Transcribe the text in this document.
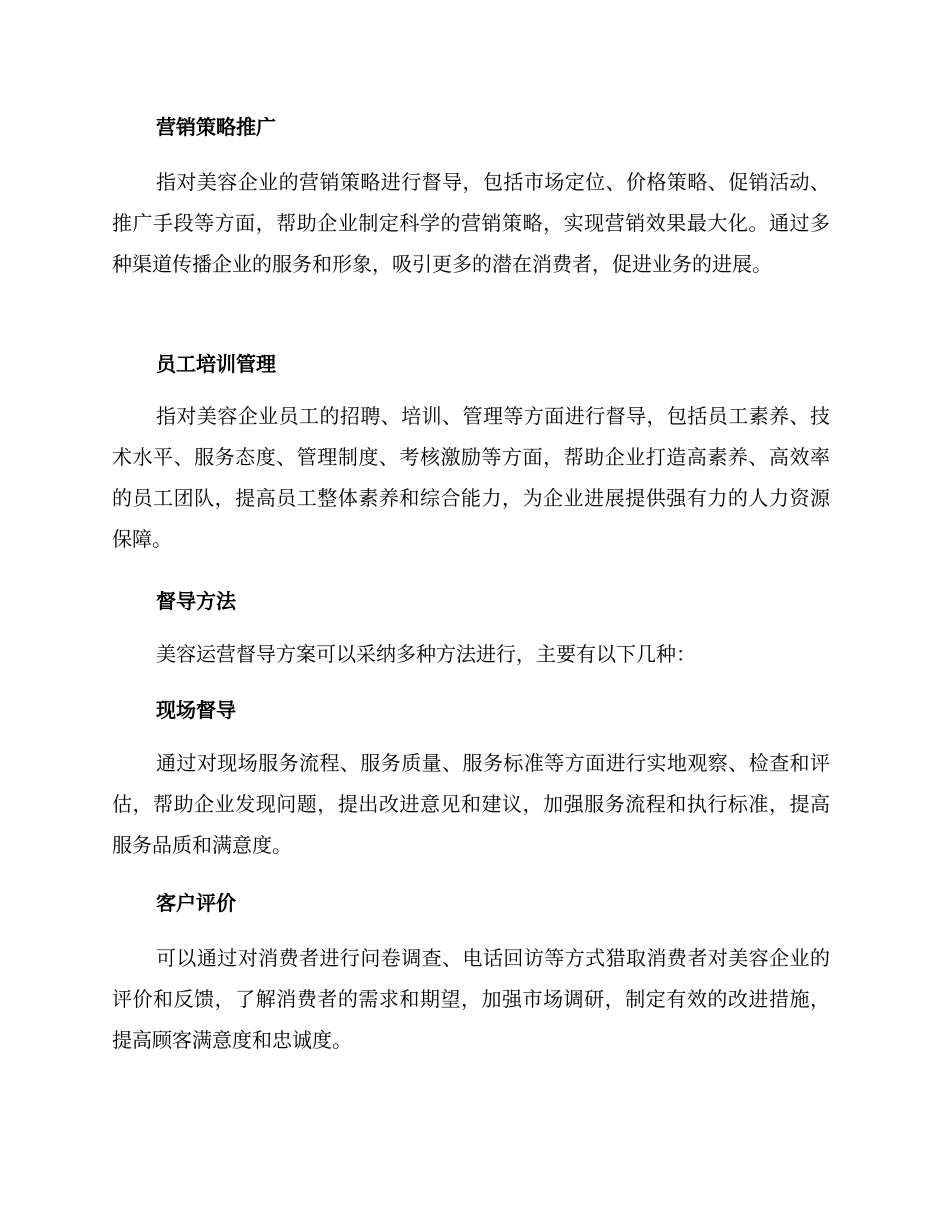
营销策略推广
指对美容企业的营销策略进行督导，包括市场定位、价格策略、促销活动、推广手段等方面，帮助企业制定科学的营销策略，实现营销效果最大化。通过多种渠道传播企业的服务和形象，吸引更多的潜在消费者，促进业务的进展。
员工培训管理
指对美容企业员工的招聘、培训、管理等方面进行督导，包括员工素养、技术水平、服务态度、管理制度、考核激励等方面，帮助企业打造高素养、高效率的员工团队，提高员工整体素养和综合能力，为企业进展提供强有力的人力资源保障。
督导方法
美容运营督导方案可以采纳多种方法进行，主要有以下几种：
现场督导
通过对现场服务流程、服务质量、服务标准等方面进行实地观察、检查和评估，帮助企业发现问题，提出改进意见和建议，加强服务流程和执行标准，提高服务品质和满意度。
客户评价
可以通过对消费者进行问卷调查、电话回访等方式猎取消费者对美容企业的评价和反馈，了解消费者的需求和期望，加强市场调研，制定有效的改进措施，提高顾客满意度和忠诚度。
